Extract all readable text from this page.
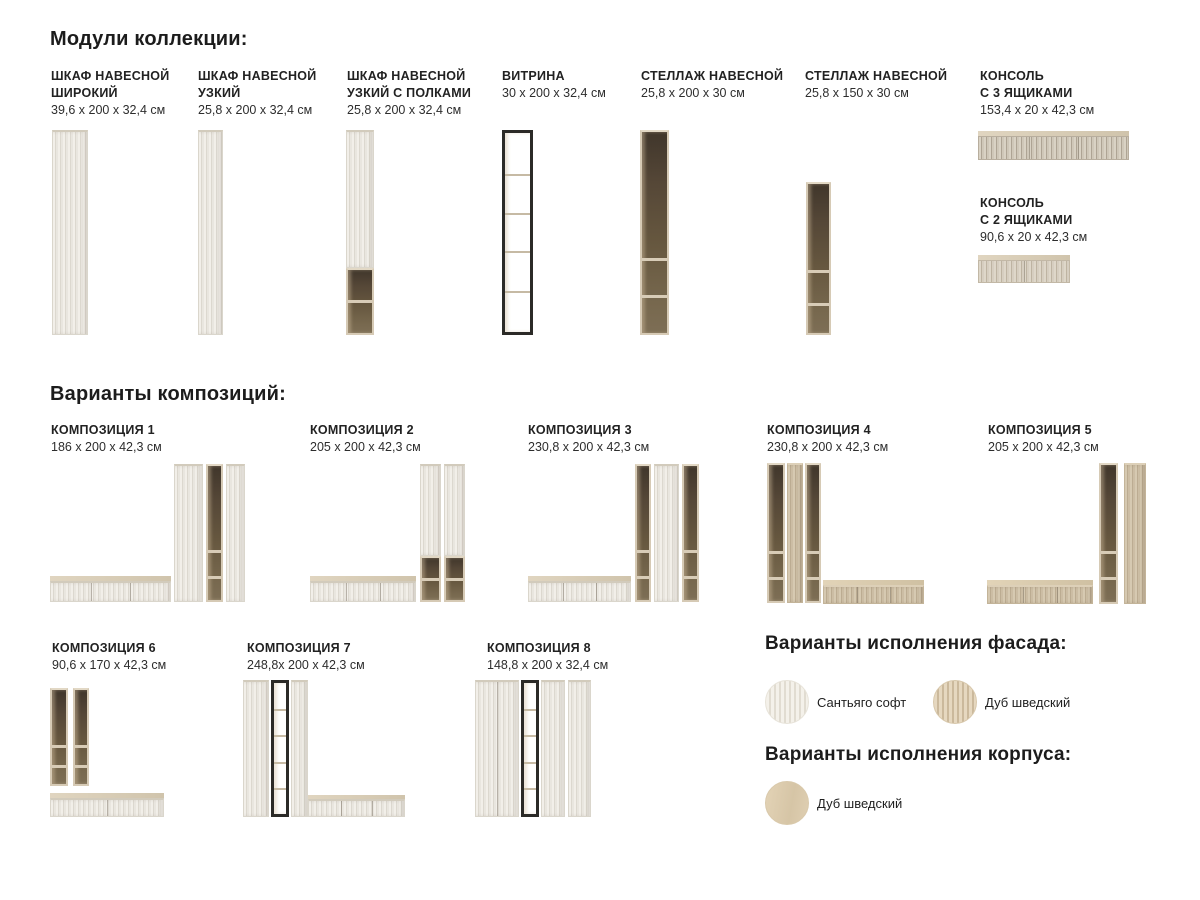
Модули коллекции:
ШКАФ НАВЕСНОЙ
ШИРОКИЙ
39,6 x 200 x 32,4 см
ШКАФ НАВЕСНОЙ
УЗКИЙ
25,8 x 200 x 32,4 см
ШКАФ НАВЕСНОЙ
УЗКИЙ С ПОЛКАМИ
25,8 x 200 x 32,4 см
ВИТРИНА
30 x 200 x 32,4 см
СТЕЛЛАЖ НАВЕСНОЙ
25,8 x 200 x 30 см
СТЕЛЛАЖ НАВЕСНОЙ
25,8 x 150 x 30 см
КОНСОЛЬ
С 3 ЯЩИКАМИ
153,4 x 20 x 42,3 см
КОНСОЛЬ
С 2 ЯЩИКАМИ
90,6 x 20 x 42,3 см
Варианты композиций:
КОМПОЗИЦИЯ 1
186 x 200 x 42,3 см
КОМПОЗИЦИЯ 2
205 x 200 x 42,3 см
КОМПОЗИЦИЯ 3
230,8 x 200 x 42,3 см
КОМПОЗИЦИЯ 4
230,8 x 200 x 42,3 см
КОМПОЗИЦИЯ 5
205 x 200 x 42,3 см
КОМПОЗИЦИЯ 6
90,6 x 170 x 42,3 см
КОМПОЗИЦИЯ 7
248,8x 200 x 42,3 см
КОМПОЗИЦИЯ 8
148,8 x 200 x 32,4 см
Варианты исполнения фасада:
Сантьяго софт	Дуб шведский
Варианты исполнения корпуса:
Дуб шведский
